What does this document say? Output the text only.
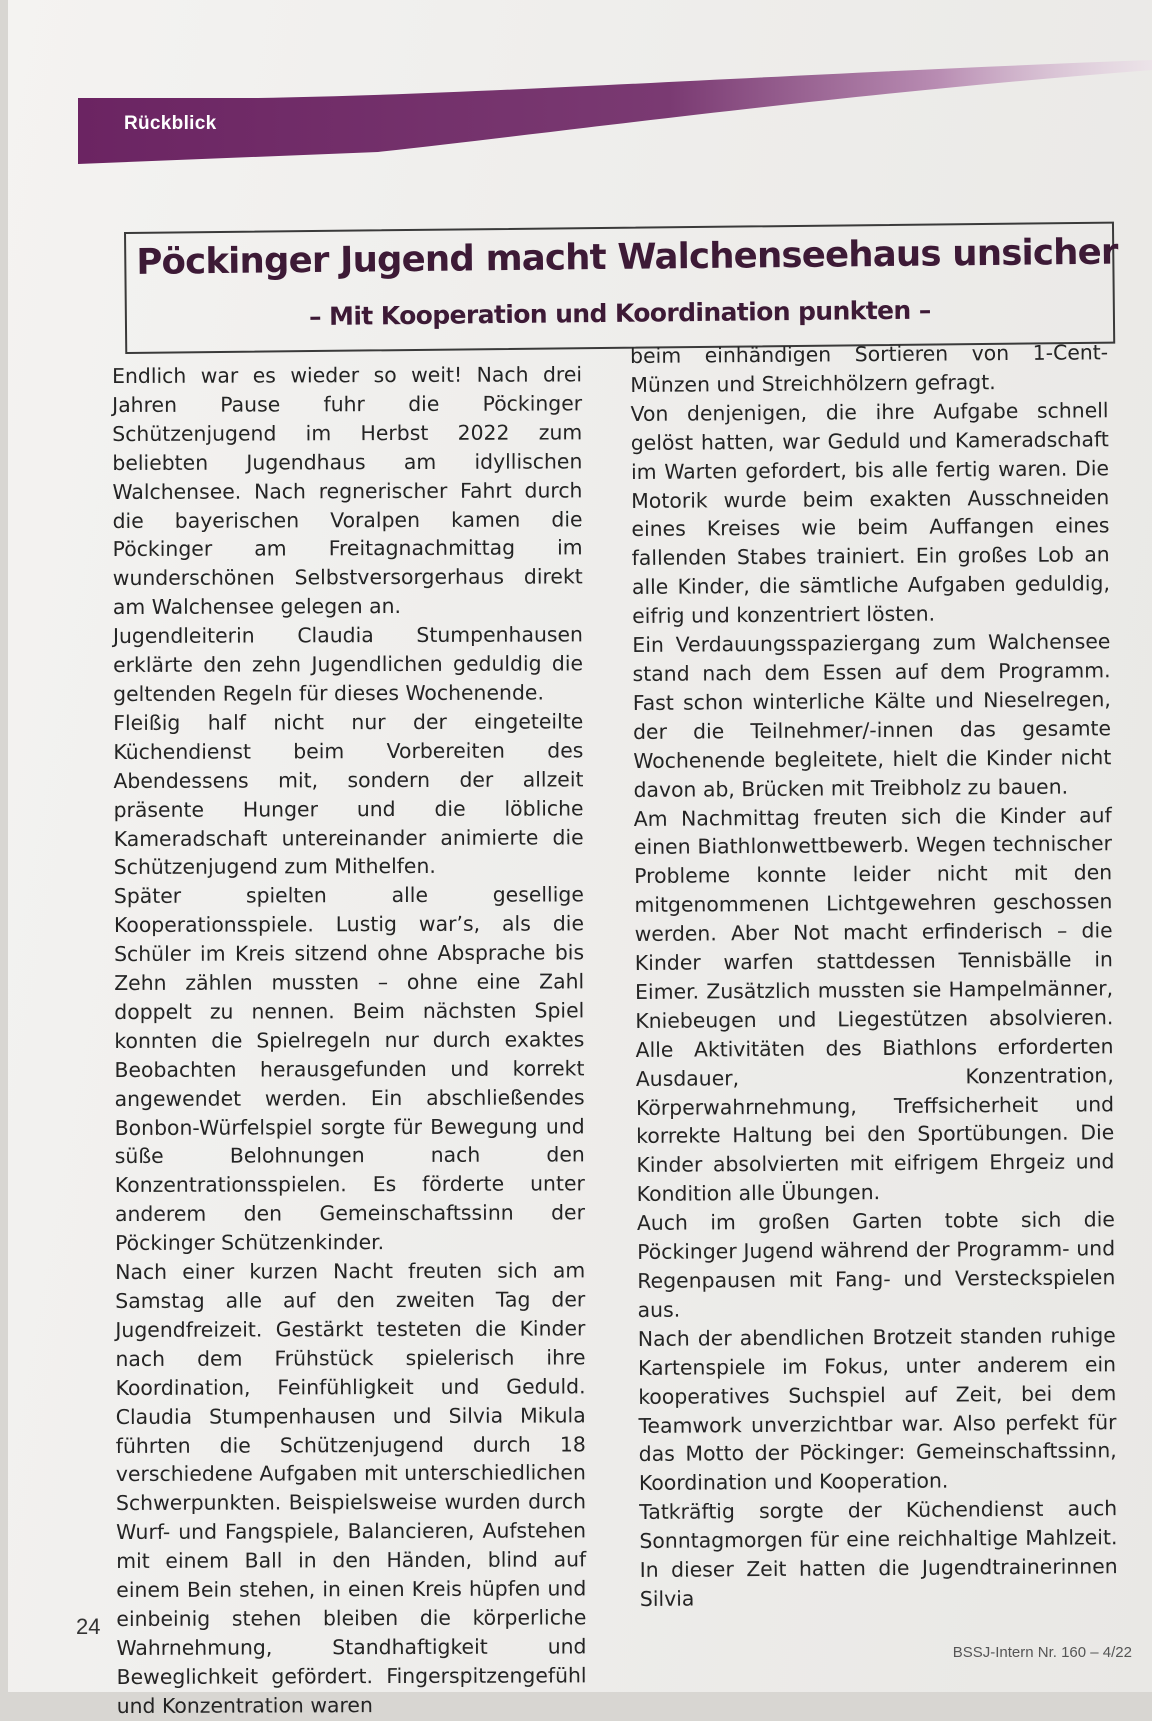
Rückblick
Pöckinger Jugend macht Walchenseehaus unsicher
– Mit Kooperation und Koordination punkten –

Endlich war es wieder so weit! Nach drei Jahren Pause fuhr die Pöckinger Schützenjugend im Herbst 2022 zum beliebten Jugendhaus am idyllischen Walchensee. Nach regnerischer Fahrt durch die bayerischen Voralpen kamen die Pöckinger am Freitagnachmittag im wunderschönen Selbstversorgerhaus direkt am Walchensee gelegen an.

Jugendleiterin Claudia Stumpenhausen erklärte den zehn Jugendlichen geduldig die geltenden Regeln für dieses Wochenende.

Fleißig half nicht nur der eingeteilte Küchendienst beim Vorbereiten des Abendessens mit, sondern der allzeit präsente Hunger und die löbliche Kameradschaft untereinander animierte die Schützenjugend zum Mithelfen.

Später spielten alle gesellige Kooperationsspiele. Lustig war’s, als die Schüler im Kreis sitzend ohne Absprache bis Zehn zählen mussten – ohne eine Zahl doppelt zu nennen. Beim nächsten Spiel konnten die Spielregeln nur durch exaktes Beobachten herausgefunden und korrekt angewendet werden. Ein abschließendes Bonbon-Würfelspiel sorgte für Bewegung und süße Belohnungen nach den Konzentrationsspielen. Es förderte unter anderem den Gemeinschaftssinn der Pöckinger Schützenkinder.

Nach einer kurzen Nacht freuten sich am Samstag alle auf den zweiten Tag der Jugendfreizeit. Gestärkt testeten die Kinder nach dem Frühstück spielerisch ihre Koordination, Feinfühligkeit und Geduld. Claudia Stumpenhausen und Silvia Mikula führten die Schützenjugend durch 18 verschiedene Aufgaben mit unterschiedlichen Schwerpunkten. Beispielsweise wurden durch Wurf- und Fangspiele, Balancieren, Aufstehen mit einem Ball in den Händen, blind auf einem Bein stehen, in einen Kreis hüpfen und einbeinig stehen bleiben die körperliche Wahrnehmung, Standhaftigkeit und Beweglichkeit gefördert. Fingerspitzengefühl und Konzentration waren

beim einhändigen Sortieren von 1-Cent-Münzen und Streichhölzern gefragt.

Von denjenigen, die ihre Aufgabe schnell gelöst hatten, war Geduld und Kameradschaft im Warten gefordert, bis alle fertig waren. Die Motorik wurde beim exakten Ausschneiden eines Kreises wie beim Auffangen eines fallenden Stabes trainiert. Ein großes Lob an alle Kinder, die sämtliche Aufgaben geduldig, eifrig und konzentriert lösten.

Ein Verdauungsspaziergang zum Walchensee stand nach dem Essen auf dem Programm. Fast schon winterliche Kälte und Nieselregen, der die Teilnehmer/-innen das gesamte Wochenende begleitete, hielt die Kinder nicht davon ab, Brücken mit Treibholz zu bauen.

Am Nachmittag freuten sich die Kinder auf einen Biathlonwettbewerb. Wegen technischer Probleme konnte leider nicht mit den mitgenommenen Lichtgewehren geschossen werden. Aber Not macht erfinderisch – die Kinder warfen stattdessen Tennisbälle in Eimer. Zusätzlich mussten sie Hampelmänner, Kniebeugen und Liegestützen absolvieren. Alle Aktivitäten des Biathlons erforderten Ausdauer, Konzentration, Körperwahrnehmung, Treffsicherheit und korrekte Haltung bei den Sportübungen. Die Kinder absolvierten mit eifrigem Ehrgeiz und Kondition alle Übungen.

Auch im großen Garten tobte sich die Pöckinger Jugend während der Programm- und Regenpausen mit Fang- und Versteckspielen aus.

Nach der abendlichen Brotzeit standen ruhige Kartenspiele im Fokus, unter anderem ein kooperatives Suchspiel auf Zeit, bei dem Teamwork unverzichtbar war. Also perfekt für das Motto der Pöckinger: Gemeinschaftssinn, Koordination und Kooperation.

Tatkräftig sorgte der Küchendienst auch Sonntagmorgen für eine reichhaltige Mahlzeit. In dieser Zeit hatten die Jugendtrainerinnen Silvia

24
BSSJ-Intern Nr. 160 – 4/22
